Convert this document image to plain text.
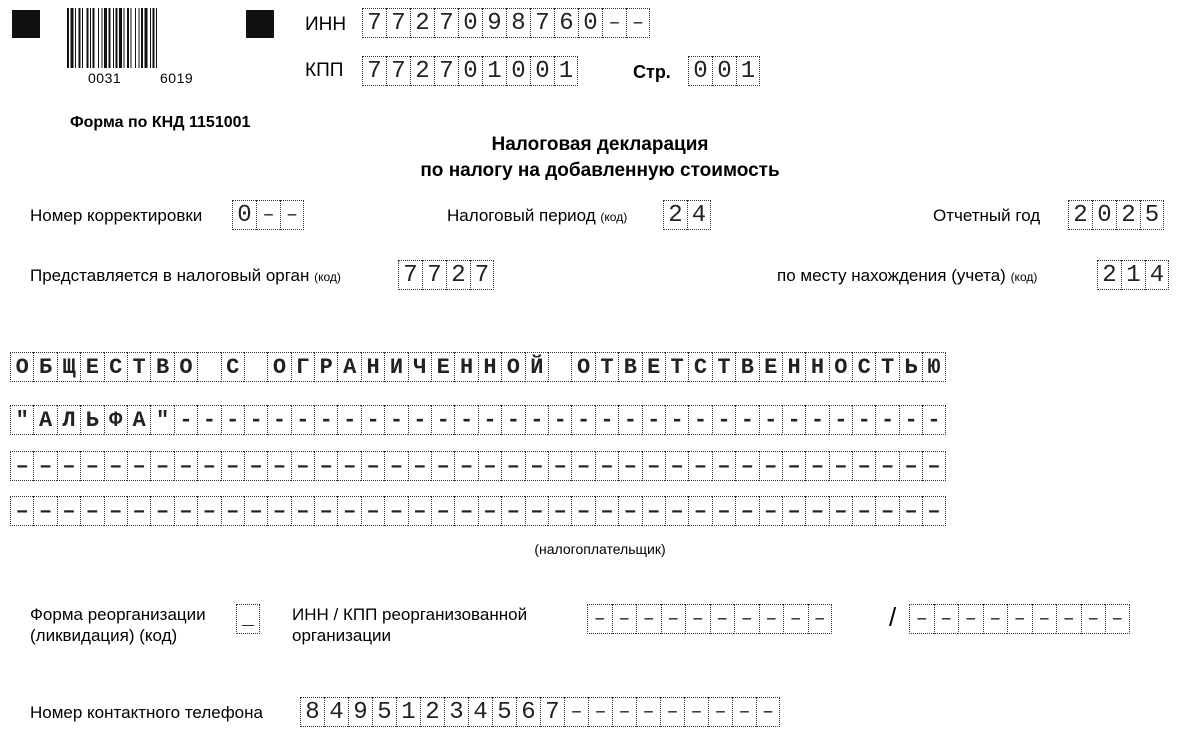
0031	6019
ИНН 7 7 2 7 0 9 8 7 6 0 – –
КПП 7 7 2 7 0 1 0 0 1	Стр. 0 0 1
Форма по КНД 1151001
Налоговая декларация
по налогу на добавленную стоимость
Номер корректировки 0 – –	Налоговый период (код) 2 4	Отчетный год 2 0 2 5
Представляется в налоговый орган (код)	7 7 2 7	по месту нахождения (учета) (код)	2 1 4
О Б Щ Е С Т В О С О Г Р А Н И Ч Е Н Н О Й О Т В Е Т С Т В Е Н Н О С Т Ь Ю
" А Л Ь Ф А " - - - - - - - - - - - - - - - - - - - - - - - - - - - - - - - - -
– – – – – – – – – – – – – – – – – – – – – – – – – – – – – – – – – – – – – – – –
– – – – – – – – – – – – – – – – – – – – – – – – – – – – – – – – – – – – – – – –
(налогоплательщик)
Форма реорганизации
(ликвидация) (код)
_	ИНН / КПП реорганизованной
организации
– – – – – – – – – – / – – – – – – – – –
Номер контактного телефона 8 4 9 5 1 2 3 4 5 6 7 – – – – – – – – –
